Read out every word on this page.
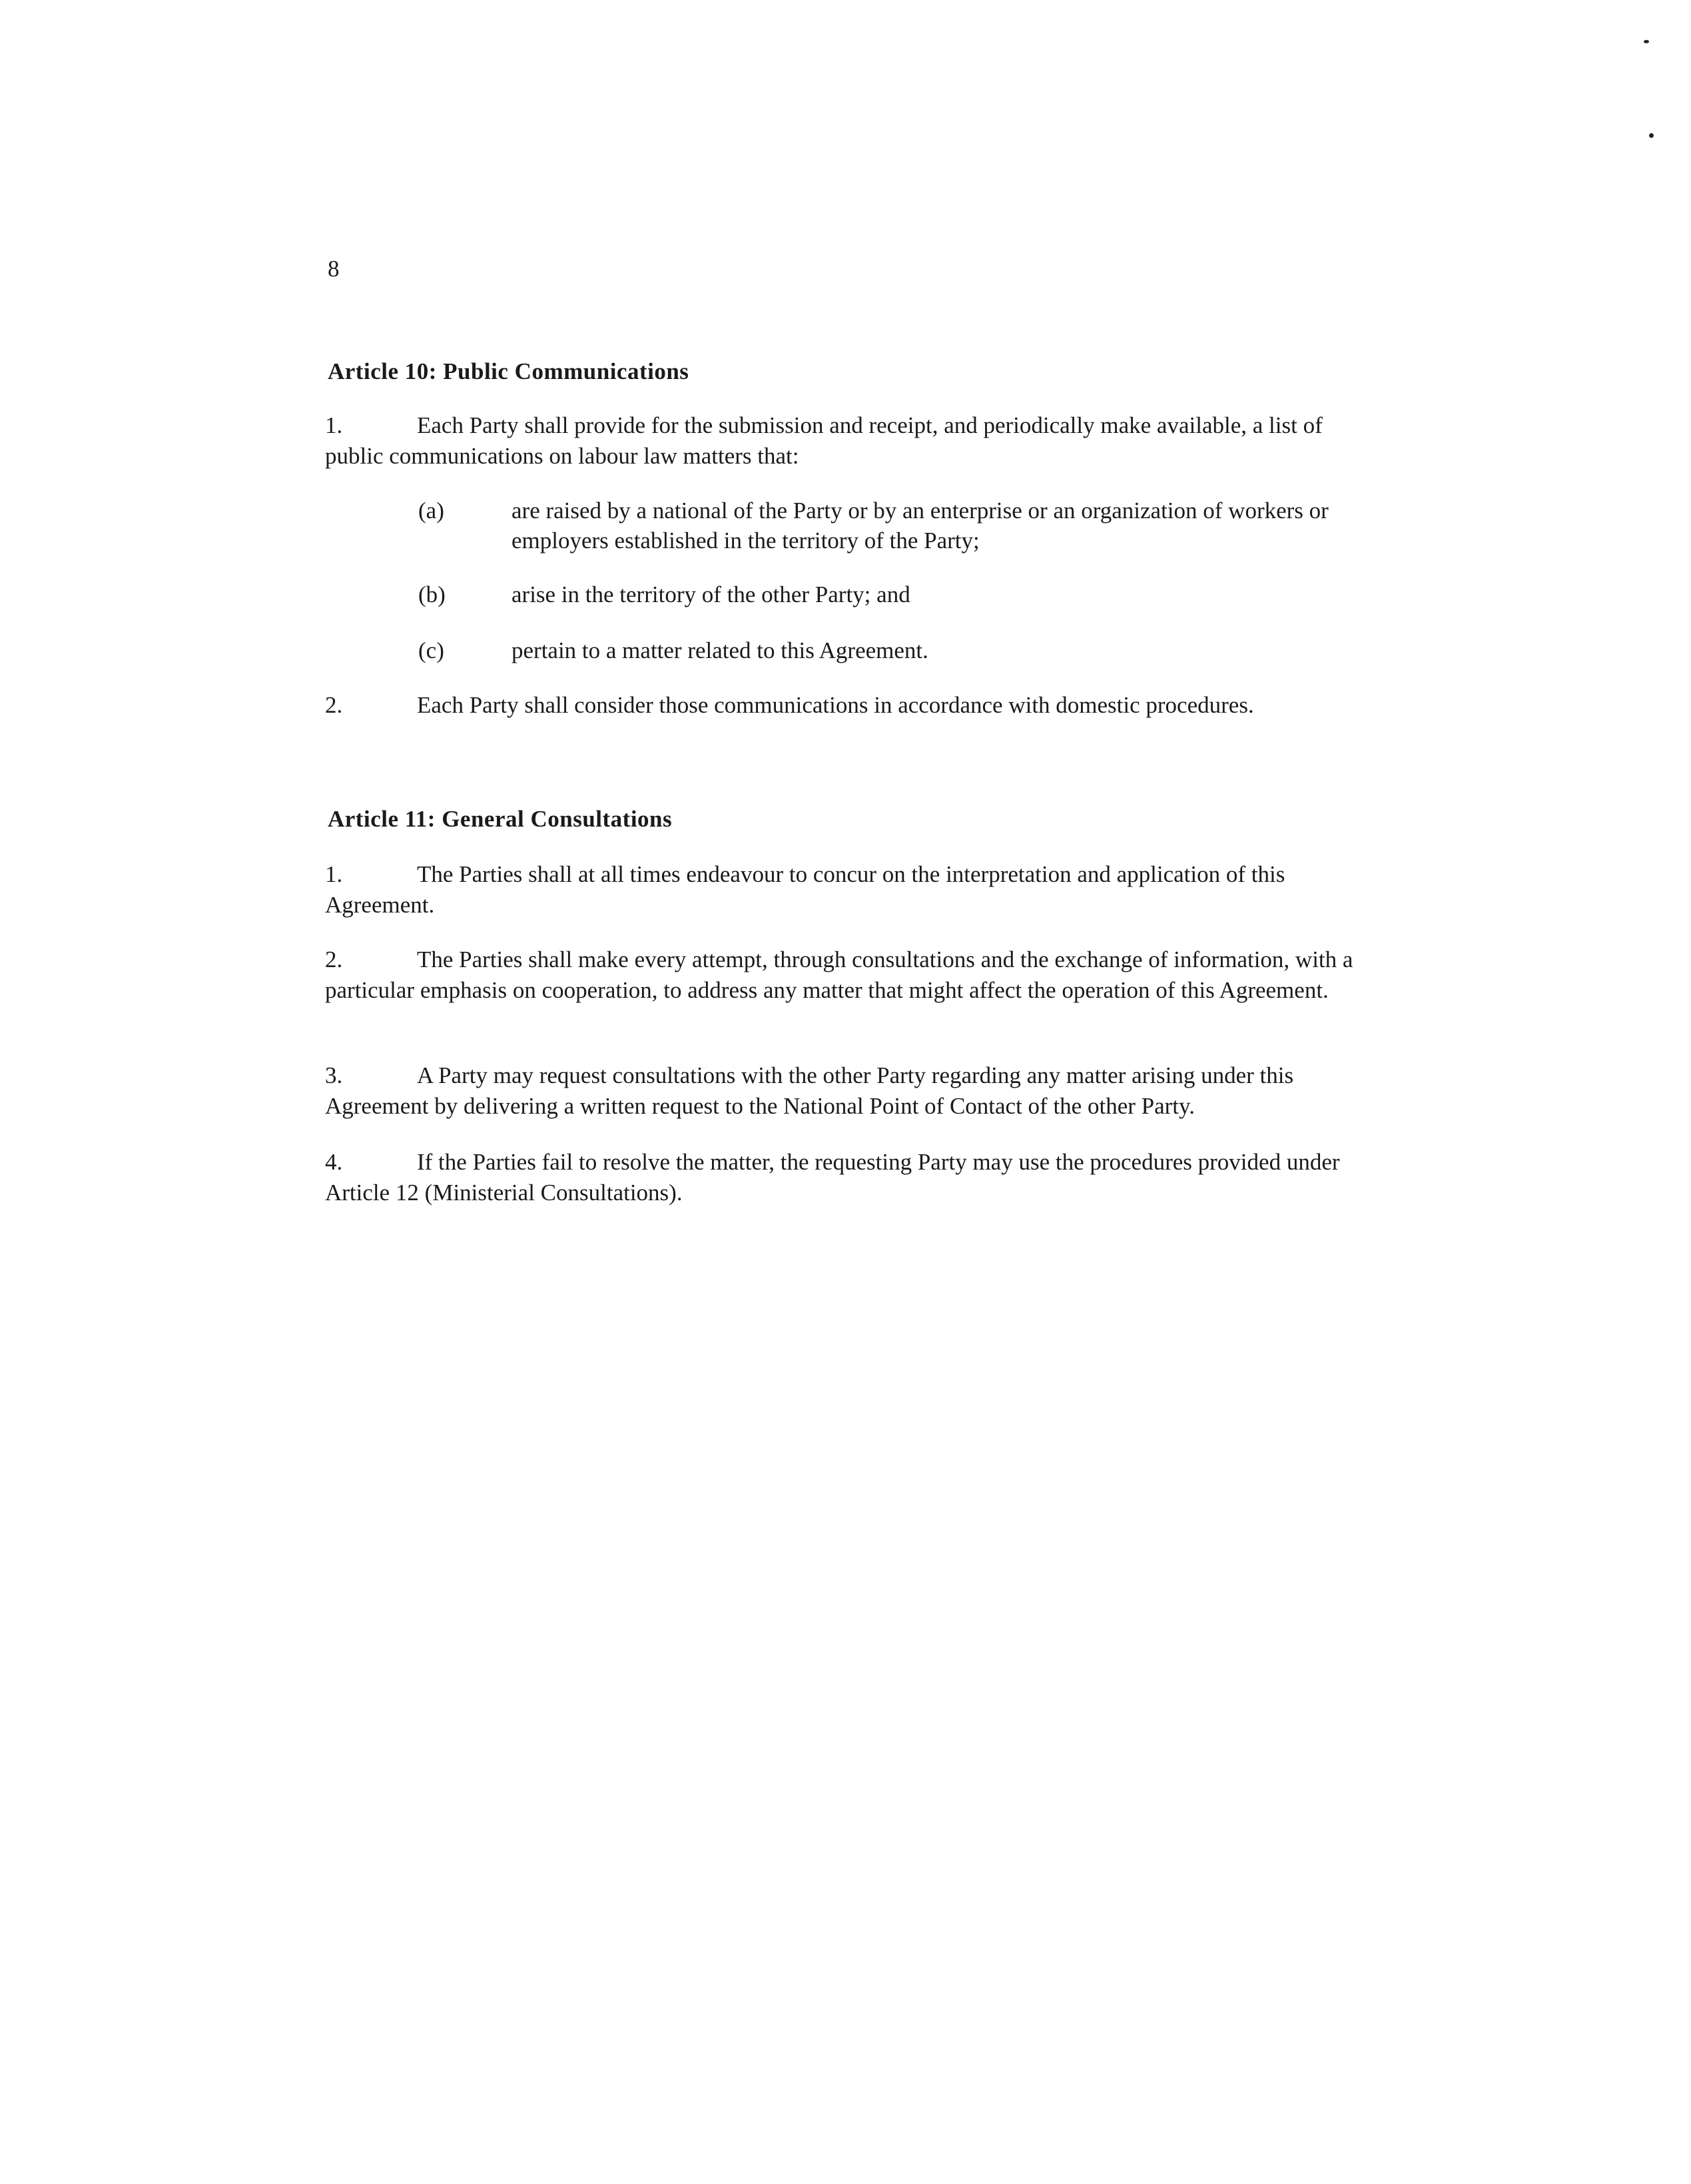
8
Article 10: Public Communications
1.	Each Party shall provide for the submission and receipt, and periodically make available, a list of public communications on labour law matters that:
(a)	are raised by a national of the Party or by an enterprise or an organization of workers or employers established in the territory of the Party;
(b)	arise in the territory of the other Party; and
(c)	pertain to a matter related to this Agreement.
2.	Each Party shall consider those communications in accordance with domestic procedures.
Article 11: General Consultations
1.	The Parties shall at all times endeavour to concur on the interpretation and application of this Agreement.
2.	The Parties shall make every attempt, through consultations and the exchange of information, with a particular emphasis on cooperation, to address any matter that might affect the operation of this Agreement.
3.	A Party may request consultations with the other Party regarding any matter arising under this Agreement by delivering a written request to the National Point of Contact of the other Party.
4.	If the Parties fail to resolve the matter, the requesting Party may use the procedures provided under Article 12 (Ministerial Consultations).
